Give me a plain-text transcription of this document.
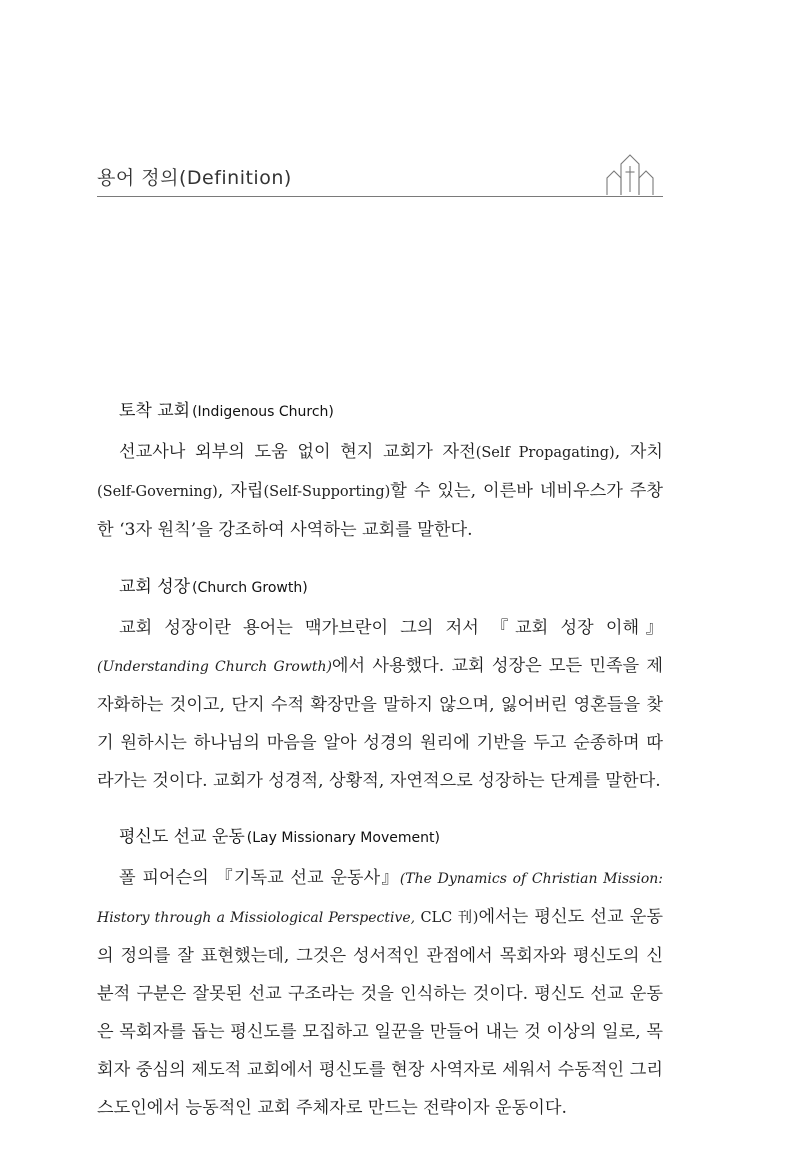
용어 정의(Definition)
토착 교회 (Indigenous Church)

선교사나 외부의 도움 없이 현지 교회가 자전(Self Propagating), 자치(Self-Governing), 자립(Self-Supporting)할 수 있는, 이른바 네비우스가 주창한 ‘3자 원칙’을 강조하여 사역하는 교회를 말한다.

교회 성장 (Church Growth)

교회 성장이란 용어는 맥가브란이 그의 저서 『교회 성장 이해』(Understanding Church Growth)에서 사용했다. 교회 성장은 모든 민족을 제자화하는 것이고, 단지 수적 확장만을 말하지 않으며, 잃어버린 영혼들을 찾기 원하시는 하나님의 마음을 알아 성경의 원리에 기반을 두고 순종하며 따라가는 것이다. 교회가 성경적, 상황적, 자연적으로 성장하는 단계를 말한다.

평신도 선교 운동 (Lay Missionary Movement)

폴 피어슨의 『기독교 선교 운동사』(The Dynamics of Christian Mission: History through a Missiological Perspective, CLC 刊)에서는 평신도 선교 운동의 정의를 잘 표현했는데, 그것은 성서적인 관점에서 목회자와 평신도의 신분적 구분은 잘못된 선교 구조라는 것을 인식하는 것이다. 평신도 선교 운동은 목회자를 돕는 평신도를 모집하고 일꾼을 만들어 내는 것 이상의 일로, 목회자 중심의 제도적 교회에서 평신도를 현장 사역자로 세워서 수동적인 그리스도인에서 능동적인 교회 주체자로 만드는 전략이자 운동이다.
